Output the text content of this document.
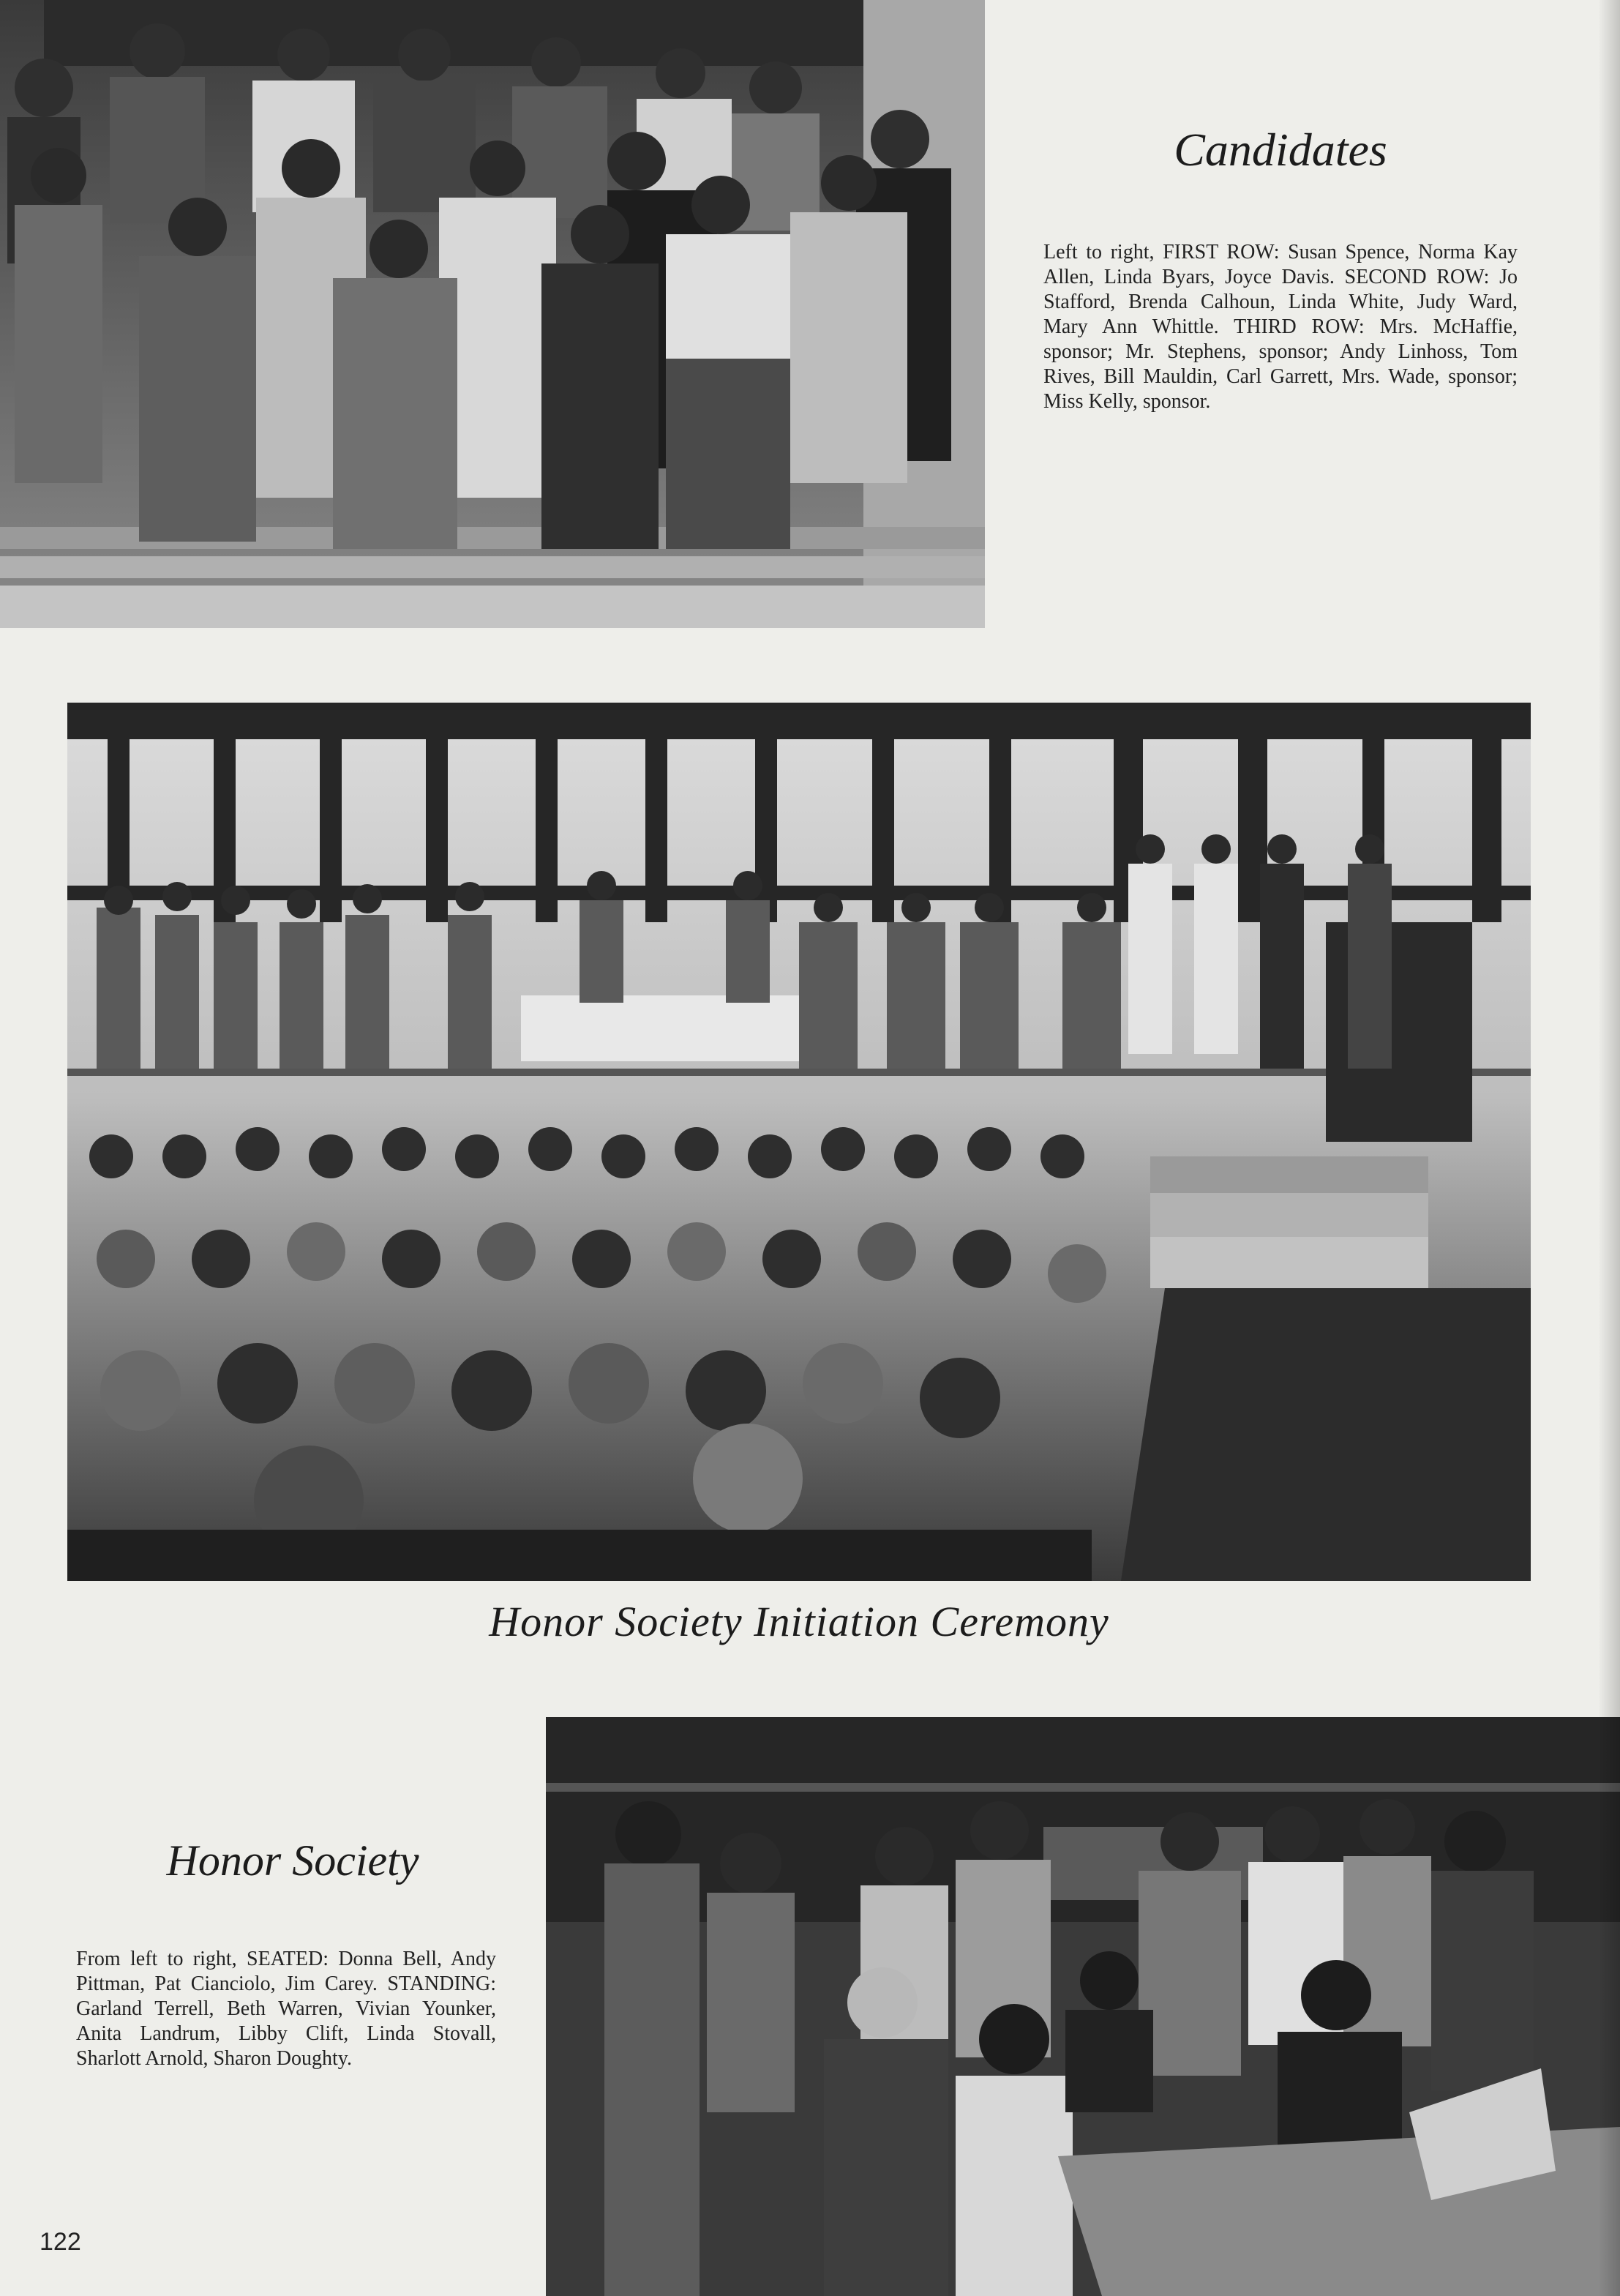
Candidates

Left to right, FIRST ROW: Susan Spence, Norma Kay Allen, Linda Byars, Joyce Davis. SECOND ROW: Jo Stafford, Brenda Calhoun, Linda White, Judy Ward, Mary Ann Whittle. THIRD ROW: Mrs. McHaffie, sponsor; Mr. Stephens, sponsor; Andy Linhoss, Tom Rives, Bill Mauldin, Carl Garrett, Mrs. Wade, sponsor; Miss Kelly, sponsor.

Honor Society Initiation Ceremony
Honor Society

From left to right, SEATED: Donna Bell, Andy Pittman, Pat Cianciolo, Jim Carey. STANDING: Garland Terrell, Beth Warren, Vivian Younker, Anita Landrum, Libby Clift, Linda Stovall, Sharlott Arnold, Sharon Doughty.

122
